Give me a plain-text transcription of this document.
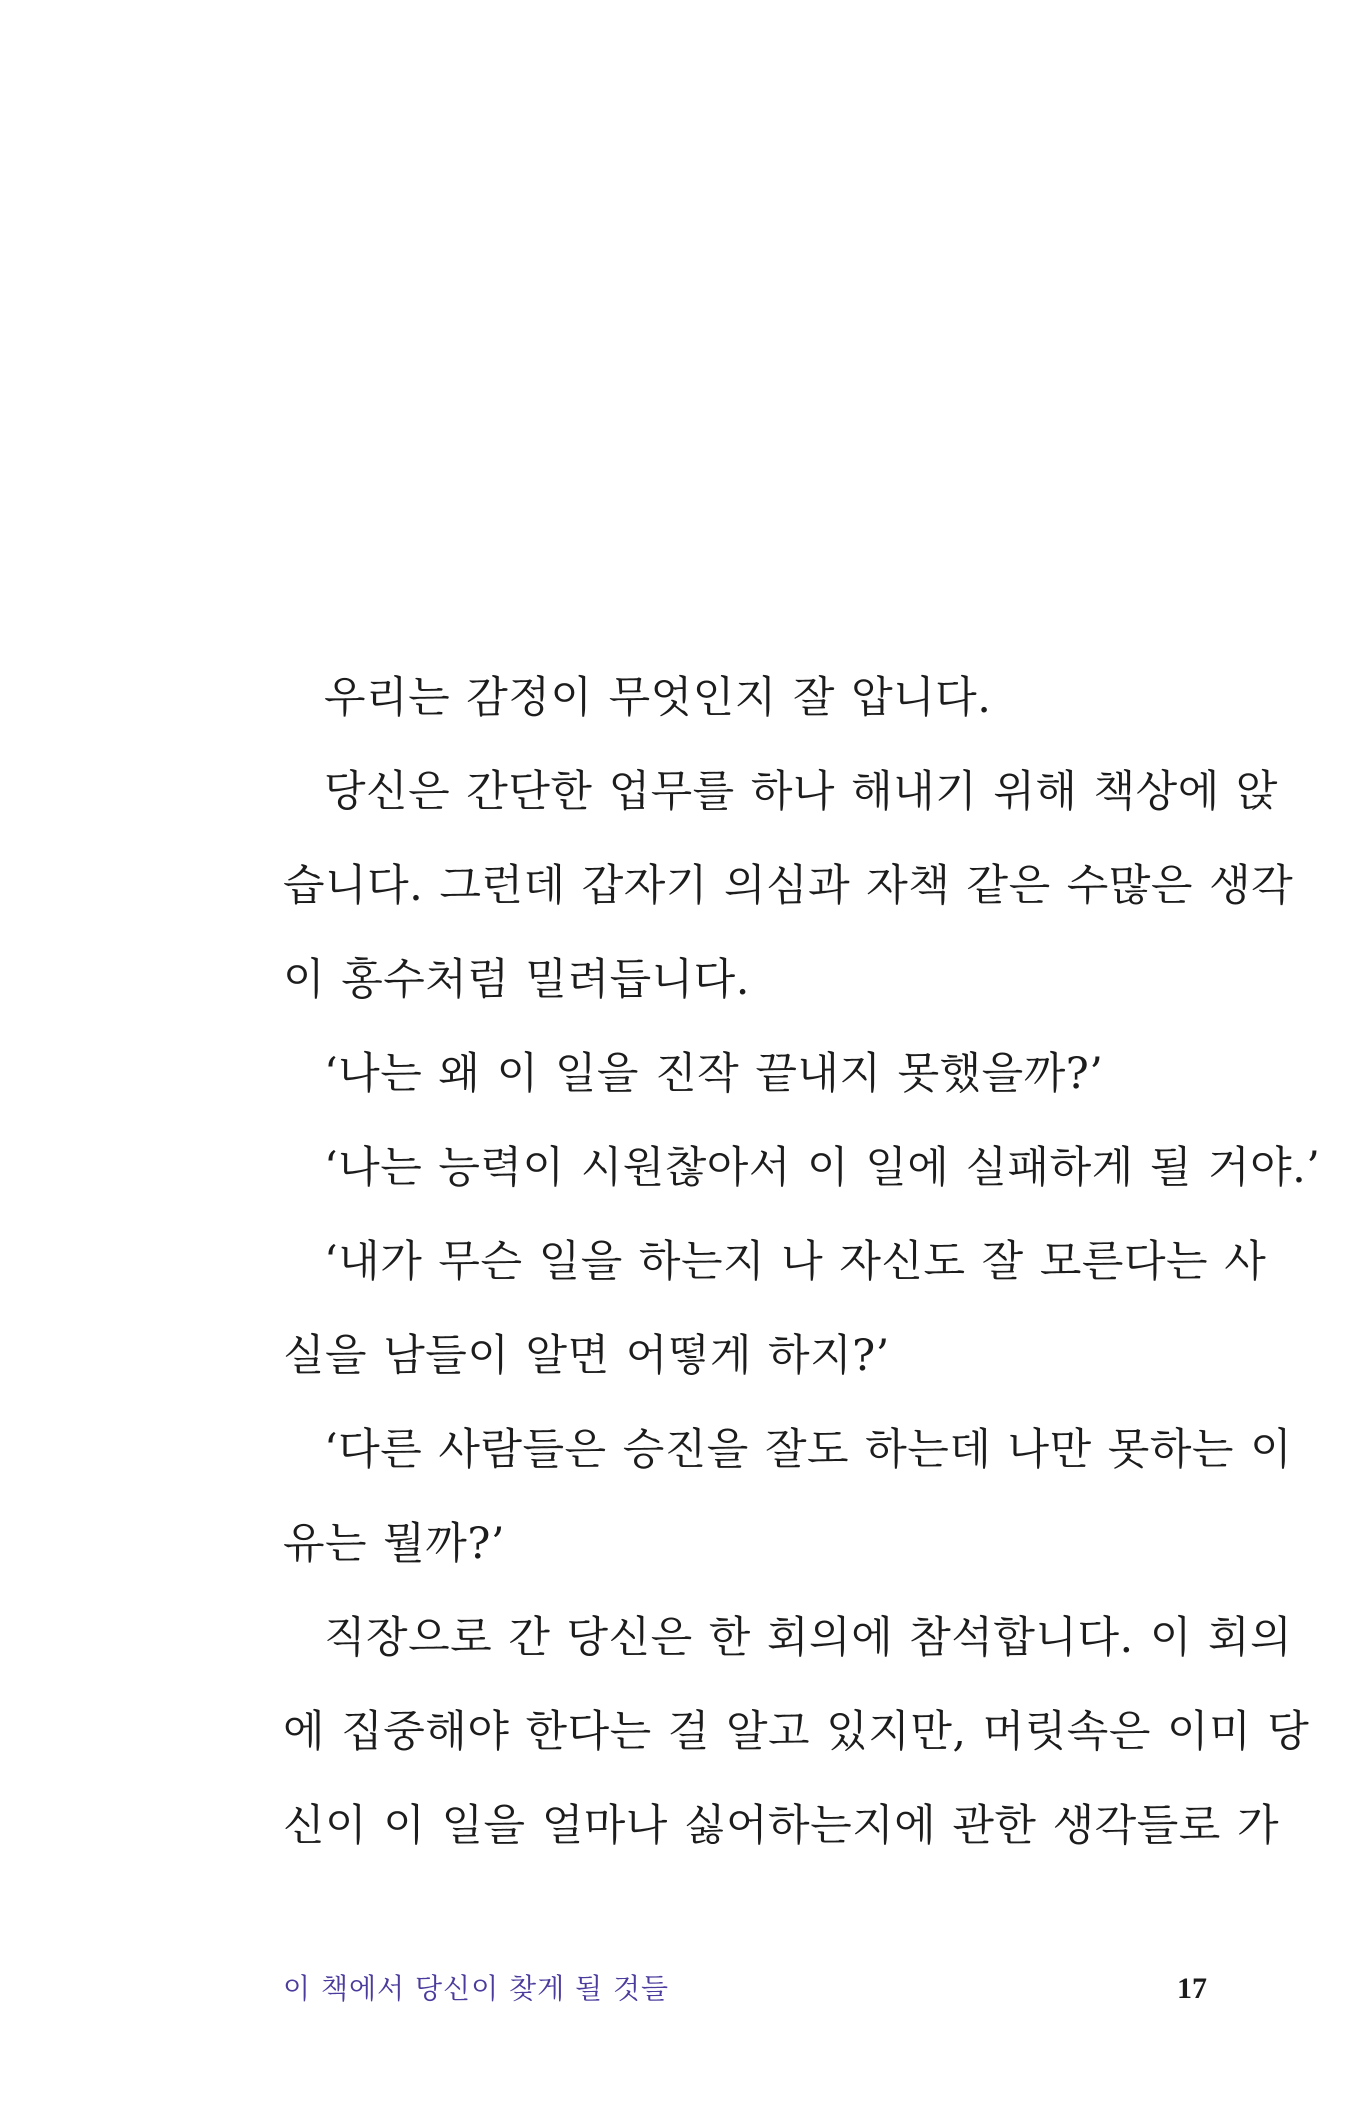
우리는 감정이 무엇인지 잘 압니다.
당신은 간단한 업무를 하나 해내기 위해 책상에 앉
습니다. 그런데 갑자기 의심과 자책 같은 수많은 생각
이 홍수처럼 밀려듭니다.
‘나는 왜 이 일을 진작 끝내지 못했을까?’
‘나는 능력이 시원찮아서 이 일에 실패하게 될 거야.’
‘내가 무슨 일을 하는지 나 자신도 잘 모른다는 사
실을 남들이 알면 어떻게 하지?’
‘다른 사람들은 승진을 잘도 하는데 나만 못하는 이
유는 뭘까?’
직장으로 간 당신은 한 회의에 참석합니다. 이 회의
에 집중해야 한다는 걸 알고 있지만, 머릿속은 이미 당
신이 이 일을 얼마나 싫어하는지에 관한 생각들로 가
이 책에서 당신이 찾게 될 것들	17
